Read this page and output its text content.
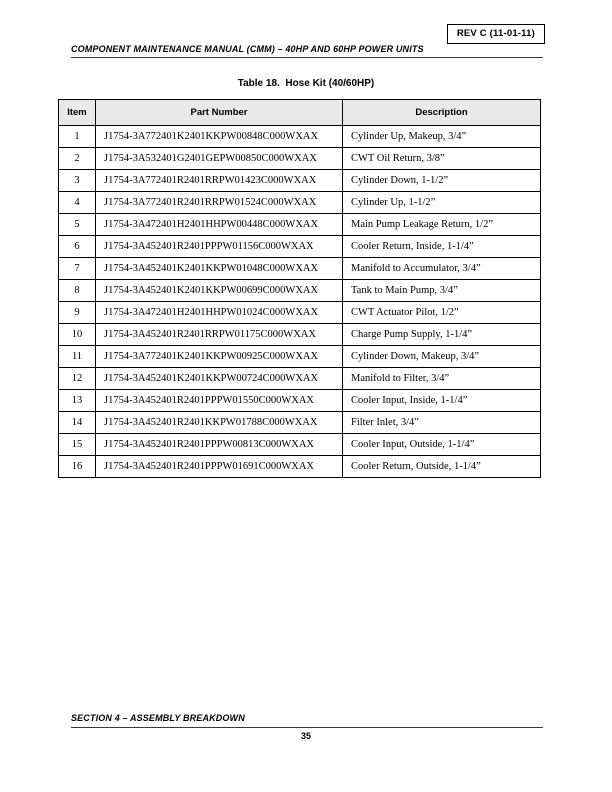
REV C (11-01-11)
COMPONENT MAINTENANCE MANUAL (CMM) – 40HP AND 60HP POWER UNITS
Table 18.  Hose Kit (40/60HP)
Item	Part Number	Description
1	J1754-3A772401K2401KKPW00848C000WXAX	Cylinder Up, Makeup, 3/4”
2	J1754-3A532401G2401GEPW00850C000WXAX	CWT Oil Return, 3/8”
3	J1754-3A772401R2401RRPW01423C000WXAX	Cylinder Down, 1-1/2”
4	J1754-3A772401R2401RRPW01524C000WXAX	Cylinder Up, 1-1/2”
5	J1754-3A472401H2401HHPW00448C000WXAX	Main Pump Leakage Return, 1/2”
6	J1754-3A452401R2401PPPW01156C000WXAX	Cooler Return, Inside, 1-1/4”
7	J1754-3A452401K2401KKPW01048C000WXAX	Manifold to Accumulator, 3/4”
8	J1754-3A452401K2401KKPW00699C000WXAX	Tank to Main Pump, 3/4”
9	J1754-3A472401H2401HHPW01024C000WXAX	CWT Actuator Pilot, 1/2”
10	J1754-3A452401R2401RRPW01175C000WXAX	Charge Pump Supply, 1-1/4”
11	J1754-3A772401K2401KKPW00925C000WXAX	Cylinder Down, Makeup, 3/4”
12	J1754-3A452401K2401KKPW00724C000WXAX	Manifold to Filter, 3/4”
13	J1754-3A452401R2401PPPW01550C000WXAX	Cooler Input, Inside, 1-1/4”
14	J1754-3A452401R2401KKPW01788C000WXAX	Filter Inlet, 3/4”
15	J1754-3A452401R2401PPPW00813C000WXAX	Cooler Input, Outside, 1-1/4”
16	J1754-3A452401R2401PPPW01691C000WXAX	Cooler Return, Outside, 1-1/4”
SECTION 4 – ASSEMBLY BREAKDOWN
35
